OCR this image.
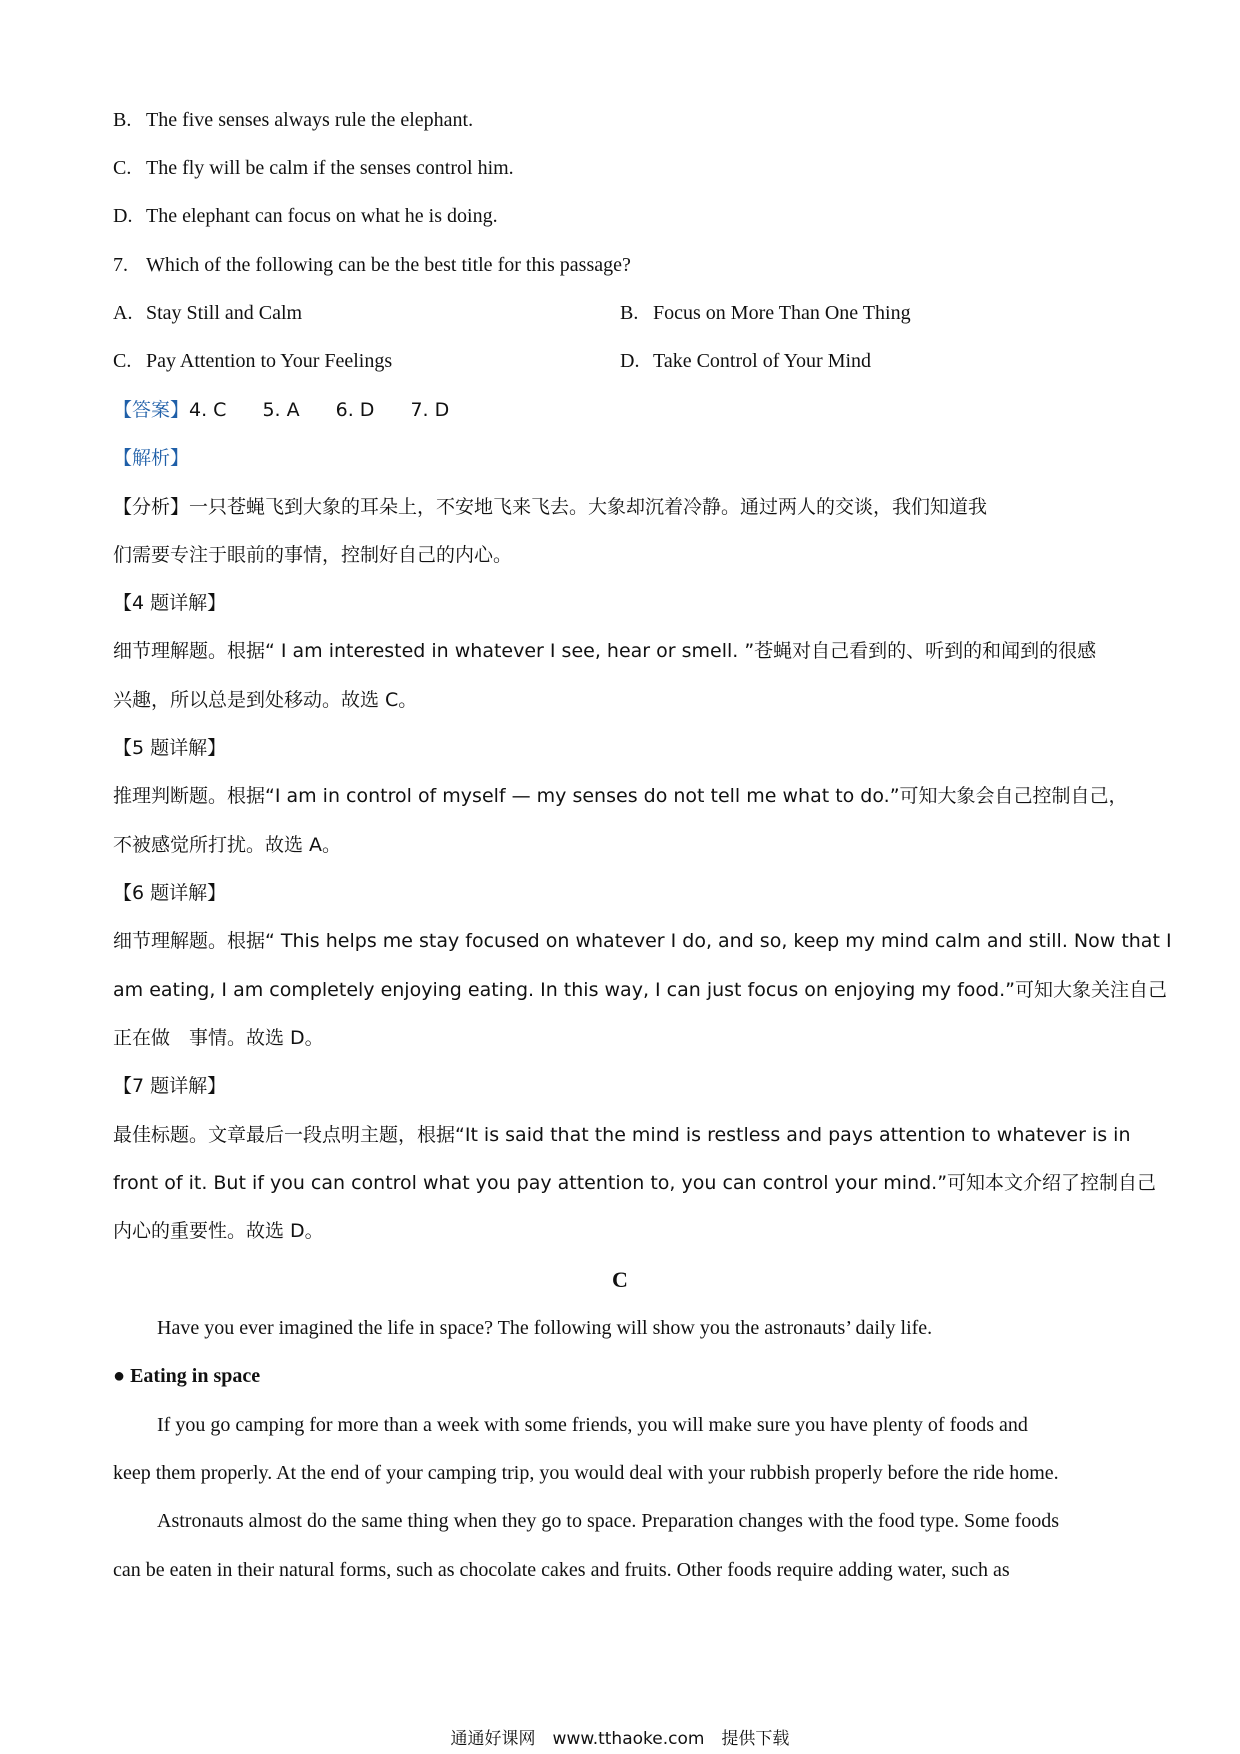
B. The five senses always rule the elephant.
C. The fly will be calm if the senses control him.
D. The elephant can focus on what he is doing.
7. Which of the following can be the best title for this passage?
A. Stay Still and Calm	B. Focus on More Than One Thing
C. Pay Attention to Your Feelings	D. Take Control of Your Mind
【答案】4. C 5. A 6. D 7. D
【解析】
【分析】一只苍蝇飞到大象的耳朵上，不安地飞来飞去。大象却沉着冷静。通过两人的交谈，我们知道我
们需要专注于眼前的事情，控制好自己的内心。
【4 题详解】
细节理解题。根据“ I am interested in whatever I see, hear or smell. ”苍蝇对自己看到的、听到的和闻到的很感
兴趣，所以总是到处移动。故选 C。
【5 题详解】
推理判断题。根据“I am in control of myself — my senses do not tell me what to do.”可知大象会自己控制自己，
不被感觉所打扰。故选 A。
【6 题详解】
细节理解题。根据“ This helps me stay focused on whatever I do, and so, keep my mind calm and still. Now that I
am eating, I am completely enjoying eating. In this way, I can just focus on enjoying my food.”可知大象关注自己
正在做　事情。故选 D。
【7 题详解】
最佳标题。文章最后一段点明主题，根据“It is said that the mind is restless and pays attention to whatever is in
front of it. But if you can control what you pay attention to, you can control your mind.”可知本文介绍了控制自己
内心的重要性。故选 D。
C
Have you ever imagined the life in space? The following will show you the astronauts’ daily life.
● Eating in space
If you go camping for more than a week with some friends, you will make sure you have plenty of foods and
keep them properly. At the end of your camping trip, you would deal with your rubbish properly before the ride home.
Astronauts almost do the same thing when they go to space. Preparation changes with the food type. Some foods
can be eaten in their natural forms, such as chocolate cakes and fruits. Other foods require adding water, such as
通通好课网　www.tthaoke.com　提供下载
